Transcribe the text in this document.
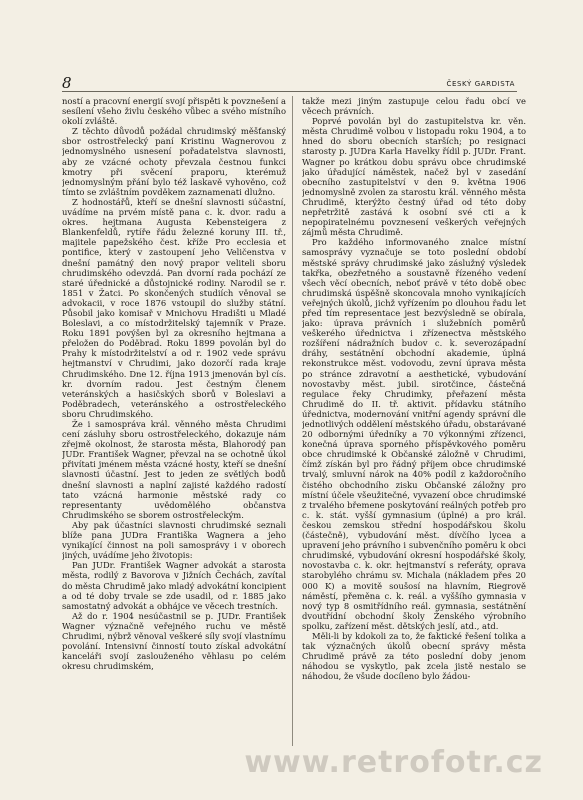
8	ČESKÝ GARDISTA

ností a pracovní energií svojí přispěti k povznešení a sesílení všeho živlu českého vůbec a svého místního okolí zvláště.

Z těchto důvodů požádal chrudimský měšťanský sbor ostrostřelecký paní Kristinu Wagnerovou z jednomyslného usnesení pořadatelstva slavnosti, aby ze vzácné ochoty převzala čestnou funkci kmotry při svěcení praporu, kterémuž jednomyslným přání bylo též laskavě vyhověno, což tímto se zvláštním povděkem zaznamenati dlužno.

Z hodnostářů, kteří se dnešní slavnosti súčastní, uvádíme na prvém místě pana c. k. dvor. radu a okres. hejtmana Augusta Kebensteigera z Blankenfeldů, rytíře řádu železné koruny III. tř., majitele papežského čest. kříže Pro ecclesia et pontifice, který v zastoupení jeho Veličenstva v dnešní památný den nový prapor veliteli sboru chrudimského odevzdá. Pan dvorní rada pochází ze staré úřednické a důstojnické rodiny. Narodil se r. 1851 v Žatci. Po skončených studiích věnoval se advokacii, v roce 1876 vstoupil do služby státní. Působil jako komisař v Mnichovu Hradišti u Mladé Boleslavi, a co místodržitelský tajemník v Praze. Roku 1891 povýšen byl za okresního hejtmana a přeložen do Poděbrad. Roku 1899 povolán byl do Prahy k místodržitelství a od r. 1902 vede správu hejtmanství v Chrudimi, jako dozorčí rada kraje Chrudimského. Dne 12. října 1913 jmenován byl cís. kr. dvorním radou. Jest čestným členem veteránských a hasičských sborů v Boleslavi a Poděbradech, veteránského a ostrostřeleckého sboru Chrudimského.

Že i samospráva král. věnného města Chrudimi cení zásluhy sboru ostrostřeleckého, dokazuje nám zřejmě okolnost, že starosta města, Blahorodý pan JUDr. František Wagner, převzal na se ochotně úkol přivítati jménem města vzácné hosty, kteří se dnešní slavnosti účastní. Jest to jeden ze světlých bodů dnešní slavnosti a naplní zajisté každého radostí tato vzácná harmonie městské rady co representanty uvědomělého občanstva Chrudimského se sborem ostrostřeleckým.

Aby pak účastníci slavnosti chrudimské seznali blíže pana JUDra Františka Wagnera a jeho vynikající činnost na poli samosprávy i v oborech jiných, uvádíme jeho životopis:

Pan JUDr. František Wagner advokát a starosta města, rodilý z Bavorova v Jižních Čechách, zavítal do města Chrudimě jako mladý advokátní koncipient a od té doby trvale se zde usadil, od r. 1885 jako samostatný advokát a obhájce ve věcech trestních.

Až do r. 1904 nesúčastnil se p. JUDr. František Wagner význačně veřejného ruchu ve městě Chrudimi, nýbrž věnoval veškeré síly svojí vlastnímu povolání. Intensivní činností touto získal advokátní kanceláři svojí zaslouženého věhlasu po celém okresu chrudimském,

takže mezi jiným zastupuje celou řadu obcí ve věcech právních.

Poprvé povolán byl do zastupitelstva kr. věn. města Chrudimě volbou v listopadu roku 1904, a to hned do sboru obecních starších; po resignaci starosty p. JUDra Karla Havelky řídil p. JUDr. Frant. Wagner po krátkou dobu správu obce chrudimské jako úřadující náměstek, načež byl v zasedání obecního zastupitelství v den 9. května 1906 jednomyslně zvolen za starostu král. věnného města Chrudimě, kterýžto čestný úřad od této doby nepřetržitě zastává k osobní své cti a k nepopiratelnému povznesení veškerých veřejných zájmů města Chrudimě.

Pro každého informovaného znalce místní samosprávy vyznačuje se toto poslední období městské správy chrudimské jako záslužný výsledek takřka, obezřetného a soustavně řízeného vedení všech věcí obecních, neboť právě v této době obec chrudimská úspěšně skoncovala mnoho vynikajících veřejných úkolů, jichž vyřízením po dlouhou řadu let před tím representace jest bezvýsledně se obírala, jako: úprava právních i služebních poměrů veškerého úřednictva i zřízenectva městského rozšíření nádražních budov c. k. severozápadní dráhy, sestátnění obchodní akademie, úplná rekonstrukce měst. vodovodu, zevní úprava města po stránce zdravotní a aesthetické, vybudování novostavby měst. jubil. sirotčince, částečná regulace řeky Chrudimky, přeřazení města Chrudimě do II. tř. aktivit. přídavku státního úřednictva, modernování vnitřní agendy správní dle jednotlivých oddělení městského úřadu, obstarávané 20 odbornými úředníky a 70 výkonnými zřízenci, konečná úprava sporného příspěvkového poměru obce chrudimské k Občanské záložně v Chrudimi, čímž získán byl pro řádný příjem obce chrudimské trvalý, smluvní nárok na 40% podíl z každoročního čistého obchodního zisku Občanské záložny pro místní účele všeužitečné, vyvazení obce chrudimské z trvalého břemene poskytování reálných potřeb pro c. k. stát. vyšší gymnasium (úplné) a pro král. českou zemskou střední hospodářskou školu (částečně), vybudování měst. dívčího lycea a upravení jeho právního i subvenčního poměru k obci chrudimské, vybudování okresní hospodářské školy, novostavba c. k. okr. hejtmanství s referáty, oprava starobylého chrámu sv. Michala (nákladem přes 20 000 K) a movitě soušosí na hlavním, Riegrově náměstí, přeměna c. k. reál. a vyššího gymnasia v nový typ 8 osmitřídního reál. gymnasia, sestátnění dvoutřídní obchodní školy Ženského výrobního spolku, zařízení měst. dětských jeslí, atd., atd.

Měli-li by kdokoli za to, že faktické řešení tolika a tak význačných úkolů obecní správy města Chrudimě právě za této poslední doby jenom náhodou se vyskytlo, pak zcela jistě nestalo se náhodou, že všude docíleno bylo žádou-

www.retrofotr.cz
